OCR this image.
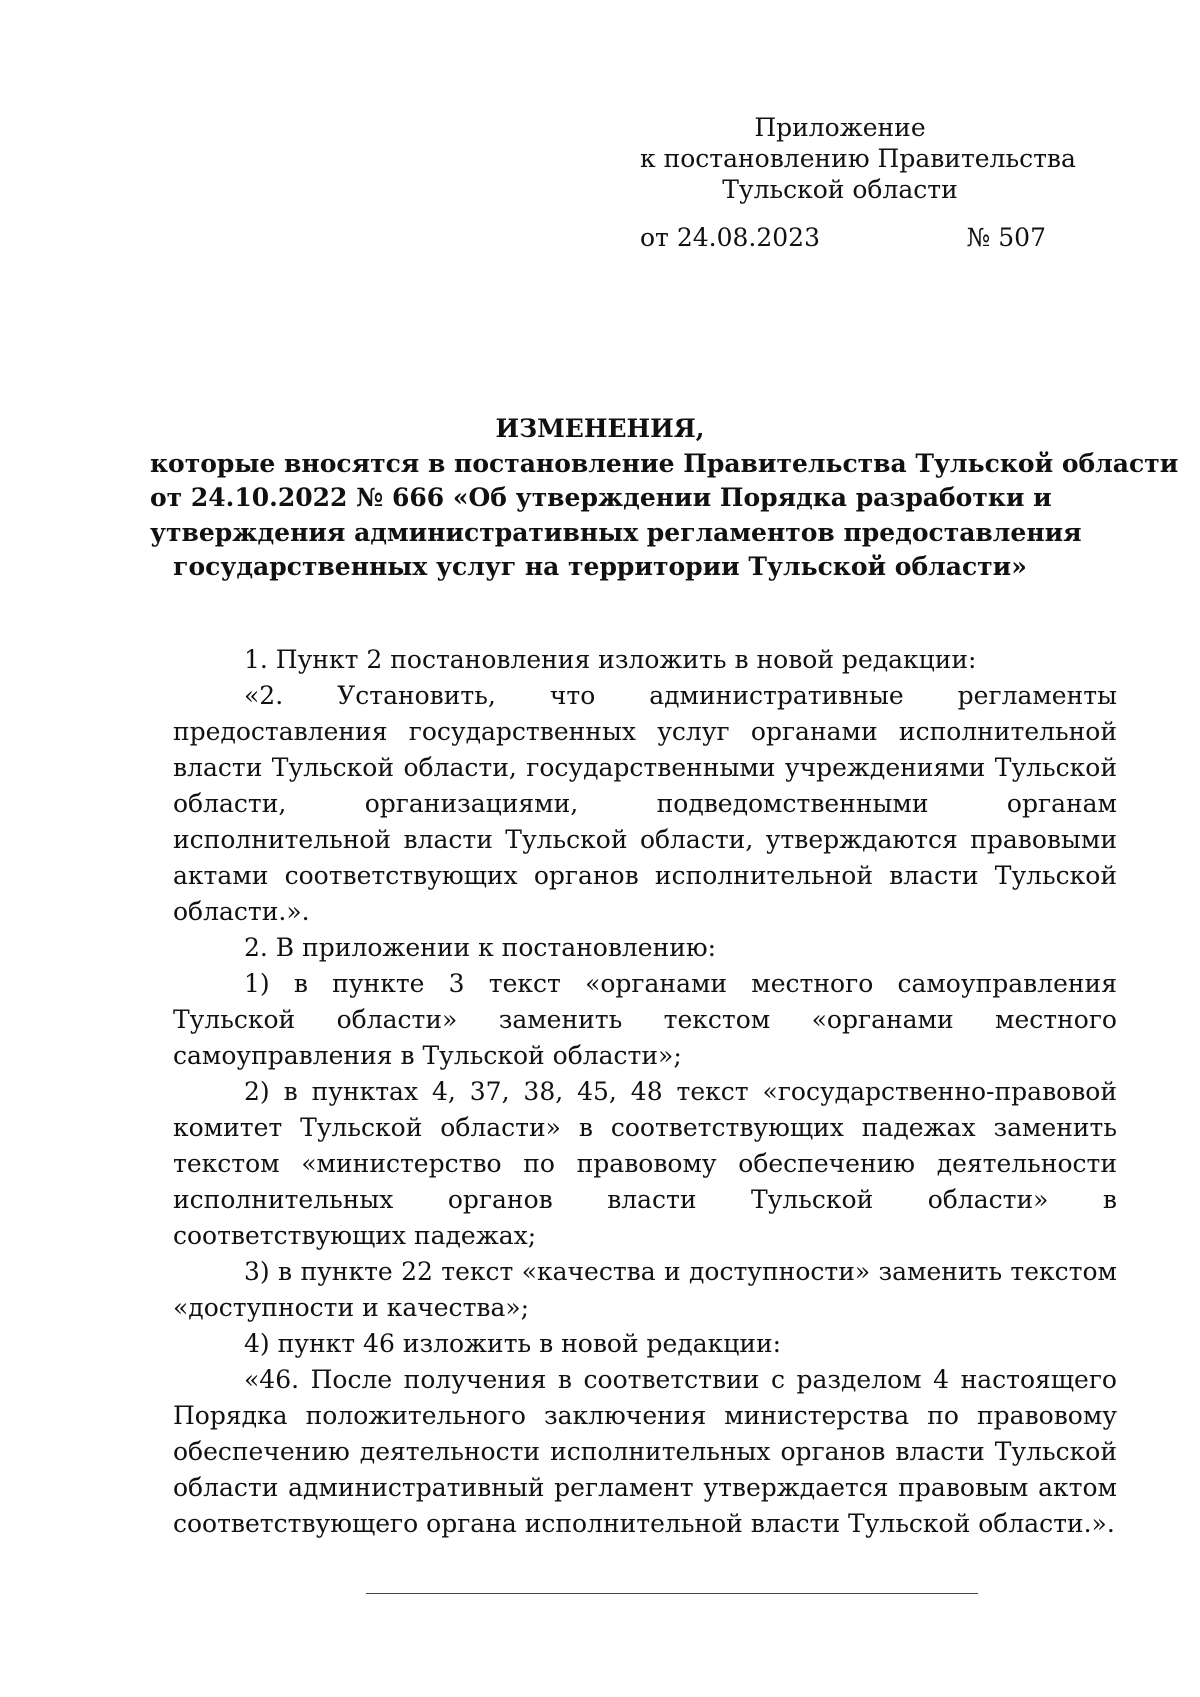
Приложение
к постановлению Правительства
Тульской области
от 24.08.2023	№ 507
ИЗМЕНЕНИЯ,
которые вносятся в постановление Правительства Тульской области
от 24.10.2022 № 666 «Об утверждении Порядка разработки и
утверждения административных регламентов предоставления
государственных услуг на территории Тульской области»

1. Пункт 2 постановления изложить в новой редакции:

«2. Установить, что административные регламенты предоставления государственных услуг органами исполнительной власти Тульской области, государственными учреждениями Тульской области, организациями, подведомственными органам исполнительной власти Тульской области, утверждаются правовыми актами соответствующих органов исполнительной власти Тульской области.».

2. В приложении к постановлению:

1) в пункте 3 текст «органами местного самоуправления Тульской области» заменить текстом «органами местного самоуправления в Тульской области»;

2) в пунктах 4, 37, 38, 45, 48 текст «государственно-правовой комитет Тульской области» в соответствующих падежах заменить текстом «министерство по правовому обеспечению деятельности исполнительных органов власти Тульской области» в соответствующих падежах;

3) в пункте 22 текст «качества и доступности» заменить текстом «доступности и качества»;

4) пункт 46 изложить в новой редакции:

«46. После получения в соответствии с разделом 4 настоящего Порядка положительного заключения министерства по правовому обеспечению деятельности исполнительных органов власти Тульской области административный регламент утверждается правовым актом соответствующего органа исполнительной власти Тульской области.».
